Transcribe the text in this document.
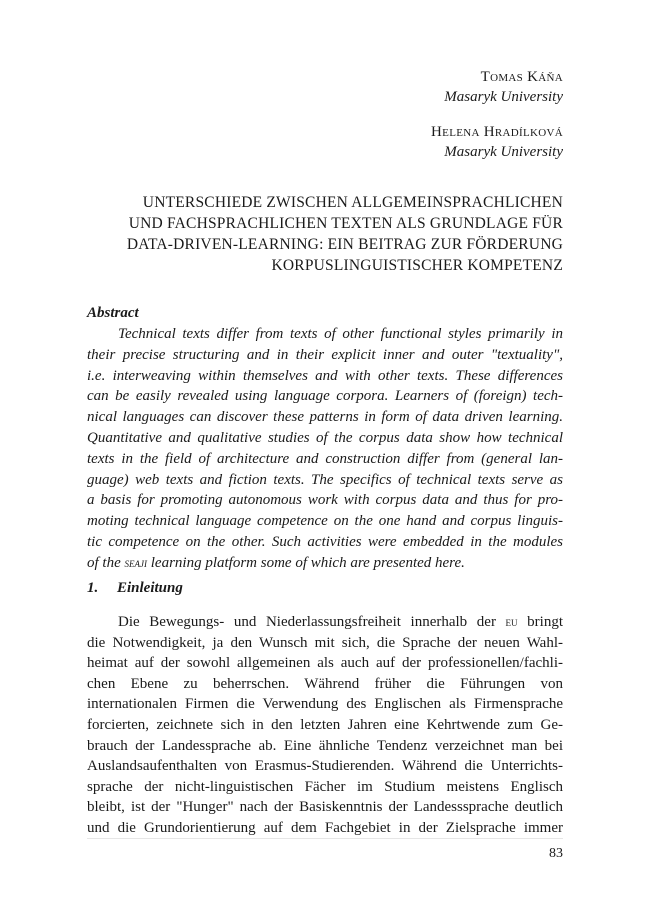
Tomas Káňa
Masaryk University
Helena Hradílková
Masaryk University
UNTERSCHIEDE ZWISCHEN ALLGEMEINSPRACHLICHEN
UND FACHSPRACHLICHEN TEXTEN ALS GRUNDLAGE FÜR
DATA-DRIVEN-LEARNING: EIN BEITRAG ZUR FÖRDERUNG
KORPUSLINGUISTISCHER KOMPETENZ
Abstract
Technical texts differ from texts of other functional styles primarily in
their precise structuring and in their explicit inner and outer "textuality",
i.e. interweaving within themselves and with other texts. These differences
can be easily revealed using language corpora. Learners of (foreign) tech-
nical languages can discover these patterns in form of data driven learning.
Quantitative and qualitative studies of the corpus data show how technical
texts in the field of architecture and construction differ from (general lan-
guage) web texts and fiction texts. The specifics of technical texts serve as
a basis for promoting autonomous work with corpus data and thus for pro-
moting technical language competence on the one hand and corpus linguis-
tic competence on the other. Such activities were embedded in the modules
of the seaji learning platform some of which are presented here.
1. Einleitung
Die Bewegungs- und Niederlassungsfreiheit innerhalb der eu bringt
die Notwendigkeit, ja den Wunsch mit sich, die Sprache der neuen Wahl-
heimat auf der sowohl allgemeinen als auch auf der professionellen/fachli-
chen Ebene zu beherrschen. Während früher die Führungen von
internationalen Firmen die Verwendung des Englischen als Firmensprache
forcierten, zeichnete sich in den letzten Jahren eine Kehrtwende zum Ge-
brauch der Landessprache ab. Eine ähnliche Tendenz verzeichnet man bei
Auslandsaufenthalten von Erasmus-Studierenden. Während die Unterrichts-
sprache der nicht-linguistischen Fächer im Studium meistens Englisch
bleibt, ist der "Hunger" nach der Basiskenntnis der Landesssprache deutlich
und die Grundorientierung auf dem Fachgebiet in der Zielsprache immer
83
